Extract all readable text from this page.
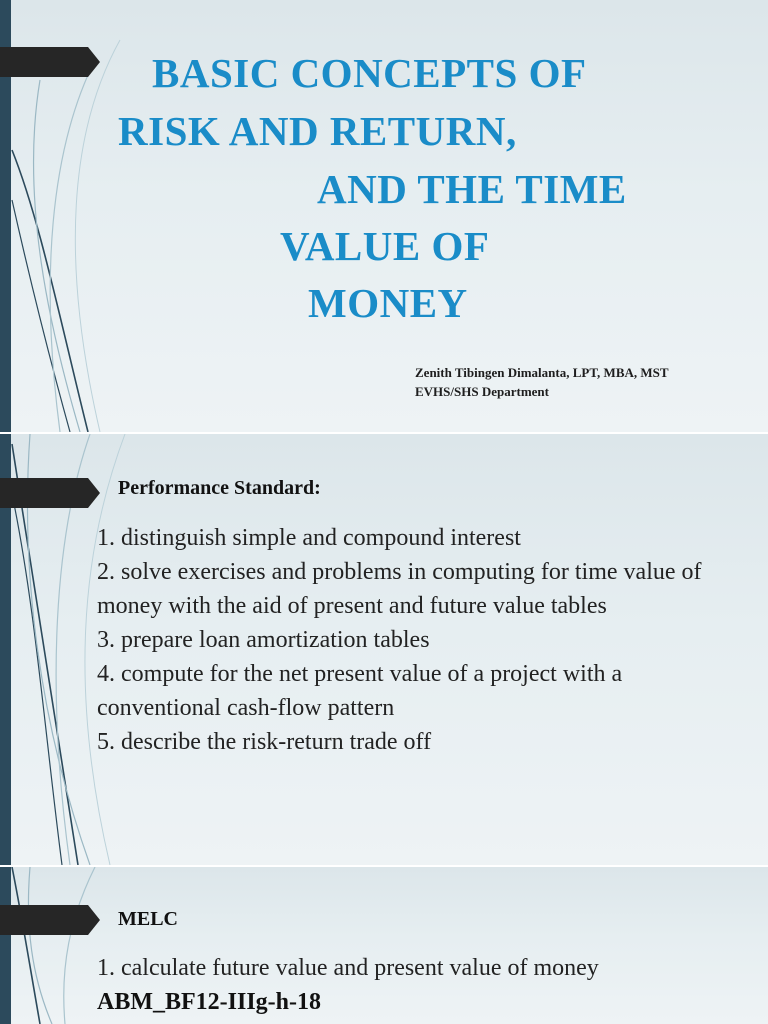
BASIC CONCEPTS OF
RISK AND RETURN,
AND THE TIME
VALUE OF
MONEY
Zenith Tibingen Dimalanta, LPT, MBA, MST
EVHS/SHS Department
Performance Standard:

1. distinguish simple and compound interest

2. solve exercises and problems in computing for time value of money with the aid of present and future value tables

3. prepare loan amortization tables

4. compute for the net present value of a project with a conventional cash-flow pattern

5. describe the risk-return trade off

MELC

1. calculate future value and present value of money

ABM_BF12-IIIg-h-18
